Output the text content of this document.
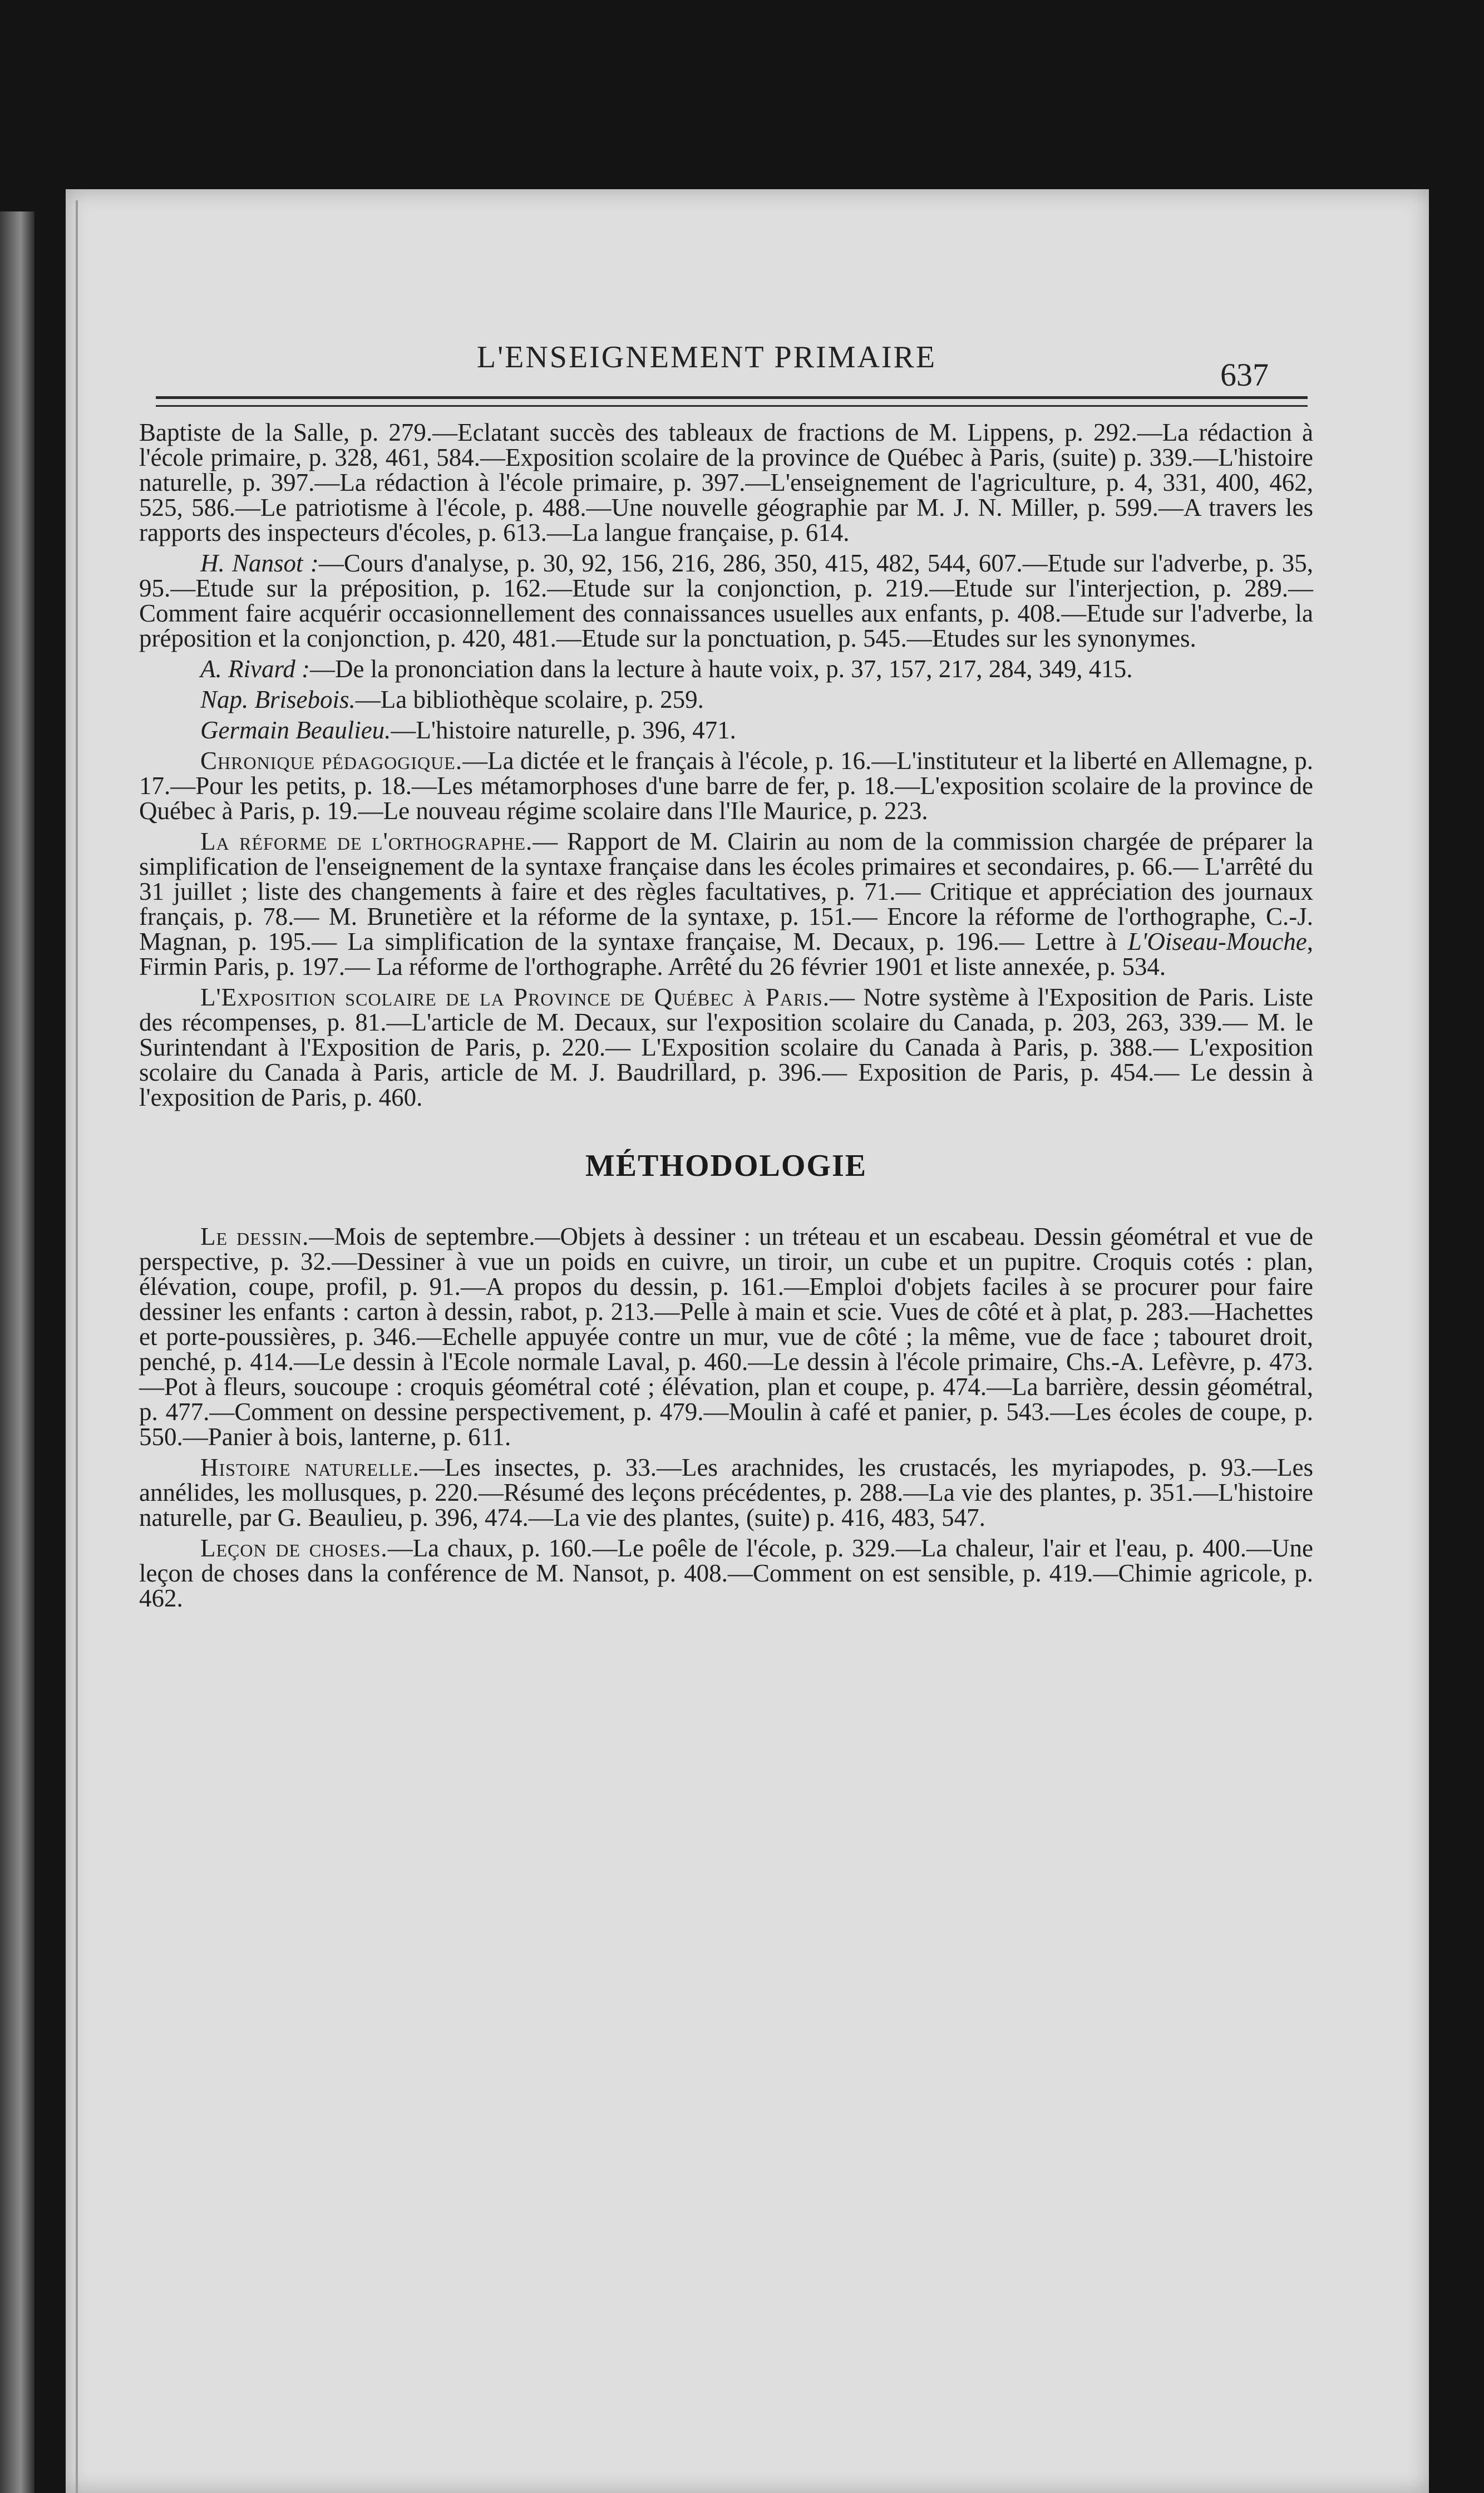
L'ENSEIGNEMENT PRIMAIRE	637

Baptiste de la Salle, p. 279.—Eclatant succès des tableaux de fractions de M. Lippens, p. 292.—La rédaction à l'école primaire, p. 328, 461, 584.—Exposition scolaire de la province de Québec à Paris, (suite) p. 339.—L'histoire naturelle, p. 397.—La rédaction à l'école primaire, p. 397.—L'enseignement de l'agriculture, p. 4, 331, 400, 462, 525, 586.—Le patriotisme à l'école, p. 488.—Une nouvelle géographie par M. J. N. Miller, p. 599.—A travers les rapports des inspecteurs d'écoles, p. 613.—La langue française, p. 614.

H. Nansot :—Cours d'analyse, p. 30, 92, 156, 216, 286, 350, 415, 482, 544, 607.—Etude sur l'adverbe, p. 35, 95.—Etude sur la préposition, p. 162.—Etude sur la conjonction, p. 219.—Etude sur l'interjection, p. 289.—Comment faire acquérir occasionnellement des connaissances usuelles aux enfants, p. 408.—Etude sur l'adverbe, la préposition et la conjonction, p. 420, 481.—Etude sur la ponctuation, p. 545.—Etudes sur les synonymes.

A. Rivard :—De la prononciation dans la lecture à haute voix, p. 37, 157, 217, 284, 349, 415.

Nap. Brisebois.—La bibliothèque scolaire, p. 259.

Germain Beaulieu.—L'histoire naturelle, p. 396, 471.

Chronique pédagogique.—La dictée et le français à l'école, p. 16.—L'instituteur et la liberté en Allemagne, p. 17.—Pour les petits, p. 18.—Les métamorphoses d'une barre de fer, p. 18.—L'exposition scolaire de la province de Québec à Paris, p. 19.—Le nouveau régime scolaire dans l'Ile Maurice, p. 223.

La réforme de l'orthographe.— Rapport de M. Clairin au nom de la commission chargée de préparer la simplification de l'enseignement de la syntaxe française dans les écoles primaires et secondaires, p. 66.— L'arrêté du 31 juillet ; liste des changements à faire et des règles facultatives, p. 71.— Critique et appréciation des journaux français, p. 78.— M. Brunetière et la réforme de la syntaxe, p. 151.— Encore la réforme de l'orthographe, C.-J. Magnan, p. 195.— La simplification de la syntaxe française, M. Decaux, p. 196.— Lettre à L'Oiseau-Mouche, Firmin Paris, p. 197.— La réforme de l'orthographe. Arrêté du 26 février 1901 et liste annexée, p. 534.

L'Exposition scolaire de la Province de Québec à Paris.— Notre système à l'Exposition de Paris. Liste des récompenses, p. 81.—L'article de M. Decaux, sur l'exposition scolaire du Canada, p. 203, 263, 339.— M. le Surintendant à l'Exposition de Paris, p. 220.— L'Exposition scolaire du Canada à Paris, p. 388.— L'exposition scolaire du Canada à Paris, article de M. J. Baudrillard, p. 396.— Exposition de Paris, p. 454.— Le dessin à l'exposition de Paris, p. 460.

MÉTHODOLOGIE

Le dessin.—Mois de septembre.—Objets à dessiner : un tréteau et un escabeau. Dessin géométral et vue de perspective, p. 32.—Dessiner à vue un poids en cuivre, un tiroir, un cube et un pupitre. Croquis cotés : plan, élévation, coupe, profil, p. 91.—A propos du dessin, p. 161.—Emploi d'objets faciles à se procurer pour faire dessiner les enfants : carton à dessin, rabot, p. 213.—Pelle à main et scie. Vues de côté et à plat, p. 283.—Hachettes et porte-poussières, p. 346.—Echelle appuyée contre un mur, vue de côté ; la même, vue de face ; tabouret droit, penché, p. 414.—Le dessin à l'Ecole normale Laval, p. 460.—Le dessin à l'école primaire, Chs.-A. Lefèvre, p. 473.—Pot à fleurs, soucoupe : croquis géométral coté ; élévation, plan et coupe, p. 474.—La barrière, dessin géométral, p. 477.—Comment on dessine perspectivement, p. 479.—Moulin à café et panier, p. 543.—Les écoles de coupe, p. 550.—Panier à bois, lanterne, p. 611.

Histoire naturelle.—Les insectes, p. 33.—Les arachnides, les crustacés, les myriapodes, p. 93.—Les annélides, les mollusques, p. 220.—Résumé des leçons précédentes, p. 288.—La vie des plantes, p. 351.—L'histoire naturelle, par G. Beaulieu, p. 396, 474.—La vie des plantes, (suite) p. 416, 483, 547.

Leçon de choses.—La chaux, p. 160.—Le poêle de l'école, p. 329.—La chaleur, l'air et l'eau, p. 400.—Une leçon de choses dans la conférence de M. Nansot, p. 408.—Comment on est sensible, p. 419.—Chimie agricole, p. 462.
